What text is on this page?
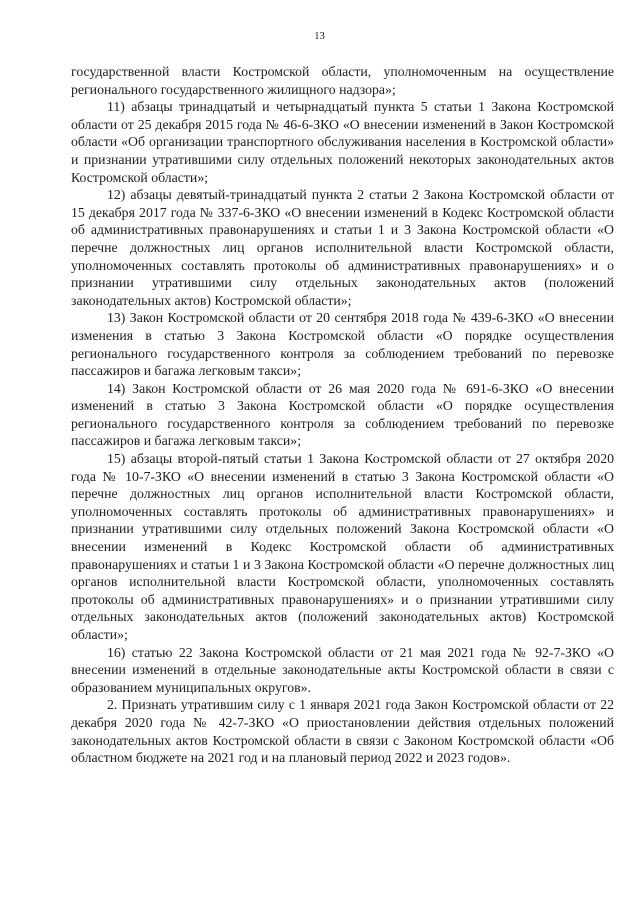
13

государственной власти Костромской области, уполномоченным на осуществление регионального государственного жилищного надзора»;

11) абзацы тринадцатый и четырнадцатый пункта 5 статьи 1 Закона Костромской области от 25 декабря 2015 года № 46-6-ЗКО «О внесении изменений в Закон Костромской области «Об организации транспортного обслуживания населения в Костромской области» и признании утратившими силу отдельных положений некоторых законодательных актов Костромской области»;

12) абзацы девятый-тринадцатый пункта 2 статьи 2 Закона Костромской области от 15 декабря 2017 года № 337-6-ЗКО «О внесении изменений в Кодекс Костромской области об административных правонарушениях и статьи 1 и 3 Закона Костромской области «О перечне должностных лиц органов исполнительной власти Костромской области, уполномоченных составлять протоколы об административных правонарушениях» и о признании утратившими силу отдельных законодательных актов (положений законодательных актов) Костромской области»;

13) Закон Костромской области от 20 сентября 2018 года № 439-6-ЗКО «О внесении изменения в статью 3 Закона Костромской области «О порядке осуществления регионального государственного контроля за соблюдением требований по перевозке пассажиров и багажа легковым такси»;

14) Закон Костромской области от 26 мая 2020 года № 691-6-ЗКО «О внесении изменений в статью 3 Закона Костромской области «О порядке осуществления регионального государственного контроля за соблюдением требований по перевозке пассажиров и багажа легковым такси»;

15) абзацы второй-пятый статьи 1 Закона Костромской области от 27 октября 2020 года № 10-7-ЗКО «О внесении изменений в статью 3 Закона Костромской области «О перечне должностных лиц органов исполнительной власти Костромской области, уполномоченных составлять протоколы об административных правонарушениях» и признании утратившими силу отдельных положений Закона Костромской области «О внесении изменений в Кодекс Костромской области об административных правонарушениях и статьи 1 и 3 Закона Костромской области «О перечне должностных лиц органов исполнительной власти Костромской области, уполномоченных составлять протоколы об административных правонарушениях» и о признании утратившими силу отдельных законодательных актов (положений законодательных актов) Костромской области»;

16) статью 22 Закона Костромской области от 21 мая 2021 года № 92-7-ЗКО «О внесении изменений в отдельные законодательные акты Костромской области в связи с образованием муниципальных округов».

2. Признать утратившим силу с 1 января 2021 года Закон Костромской области от 22 декабря 2020 года № 42-7-ЗКО «О приостановлении действия отдельных положений законодательных актов Костромской области в связи с Законом Костромской области «Об областном бюджете на 2021 год и на плановый период 2022 и 2023 годов».
